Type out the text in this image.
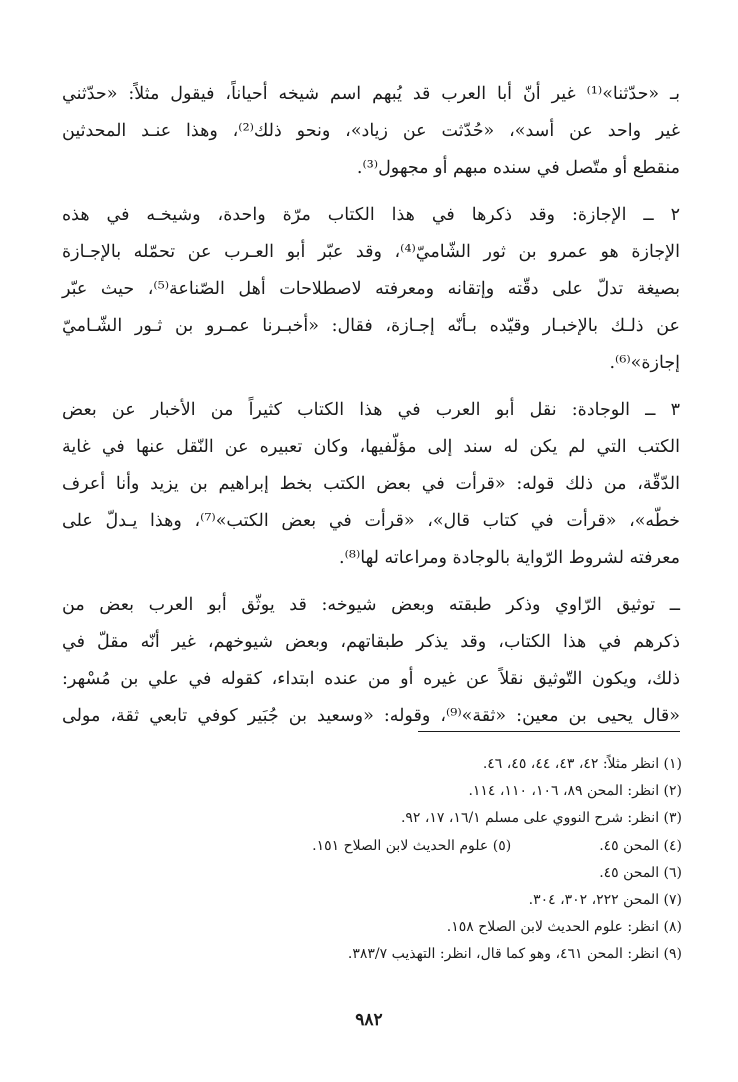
بـ «حدّثنا»⁽¹⁾ غير أنّ أبا العرب قد يُبهم اسم شيخه أحياناً، فيقول مثلاً: «حدّثني
غير واحد عن أسد»، «حُدّثت عن زياد»، ونحو ذلك⁽²⁾، وهذا عنـد المحدثين
منقطع أو متّصل في سنده مبهم أو مجهول⁽³⁾.
٢ ــ الإجازة: وقد ذكرها في هذا الكتاب مرّة واحدة، وشيخـه في هذه
الإجازة هو عمرو بن ثور الشّاميّ⁽⁴⁾، وقد عبّر أبو العـرب عن تحمّله بالإجـازة
بصيغة تدلّ على دقّته وإتقانه ومعرفته لاصطلاحات أهل الصّناعة⁽⁵⁾، حيث عبّر
عن ذلـك بالإخبـار وقيّده بـأنّه إجـازة، فقال: «أخبـرنا عمـرو بن ثـور الشّـاميّ
إجازة»⁽⁶⁾.
٣ ــ الوجادة: نقل أبو العرب في هذا الكتاب كثيراً من الأخبار عن بعض
الكتب التي لم يكن له سند إلى مؤلّفيها، وكان تعبيره عن النّقل عنها في غاية
الدّقّة، من ذلك قوله: «قرأت في بعض الكتب بخط إبراهيم بن يزيد وأنا أعرف
خطّه»، «قرأت في كتاب قال»، «قرأت في بعض الكتب»⁽⁷⁾، وهذا يـدلّ على
معرفته لشروط الرّواية بالوجادة ومراعاته لها⁽⁸⁾.
ــ توثيق الرّاوي وذكر طبقته وبعض شيوخه: قد يوثّق أبو العرب بعض من
ذكرهم في هذا الكتاب، وقد يذكر طبقاتهم، وبعض شيوخهم، غير أنّه مقلّ في
ذلك، ويكون التّوثيق نقلاً عن غيره أو من عنده ابتداء، كقوله في علي بن مُسْهر:
«قال يحيى بن معين: «ثقة»⁽⁹⁾، وقوله: «وسعيد بن جُبَير كوفي تابعي ثقة، مولى
(١) انظر مثلاً: ٤٢، ٤٣، ٤٤، ٤٥، ٤٦.
(٢) انظر: المحن ٨٩، ١٠٦، ١١٠، ١١٤.
(٣) انظر: شرح النووي على مسلم ١٦/١، ١٧، ٩٢.
(٤) المحن ٤٥.(٥) علوم الحديث لابن الصلاح ١٥١.
(٦) المحن ٤٥.
(٧) المحن ٢٢٢، ٣٠٢، ٣٠٤.
(٨) انظر: علوم الحديث لابن الصلاح ١٥٨.
(٩) انظر: المحن ٤٦١، وهو كما قال، انظر: التهذيب ٣٨٣/٧.
٩٨٢
